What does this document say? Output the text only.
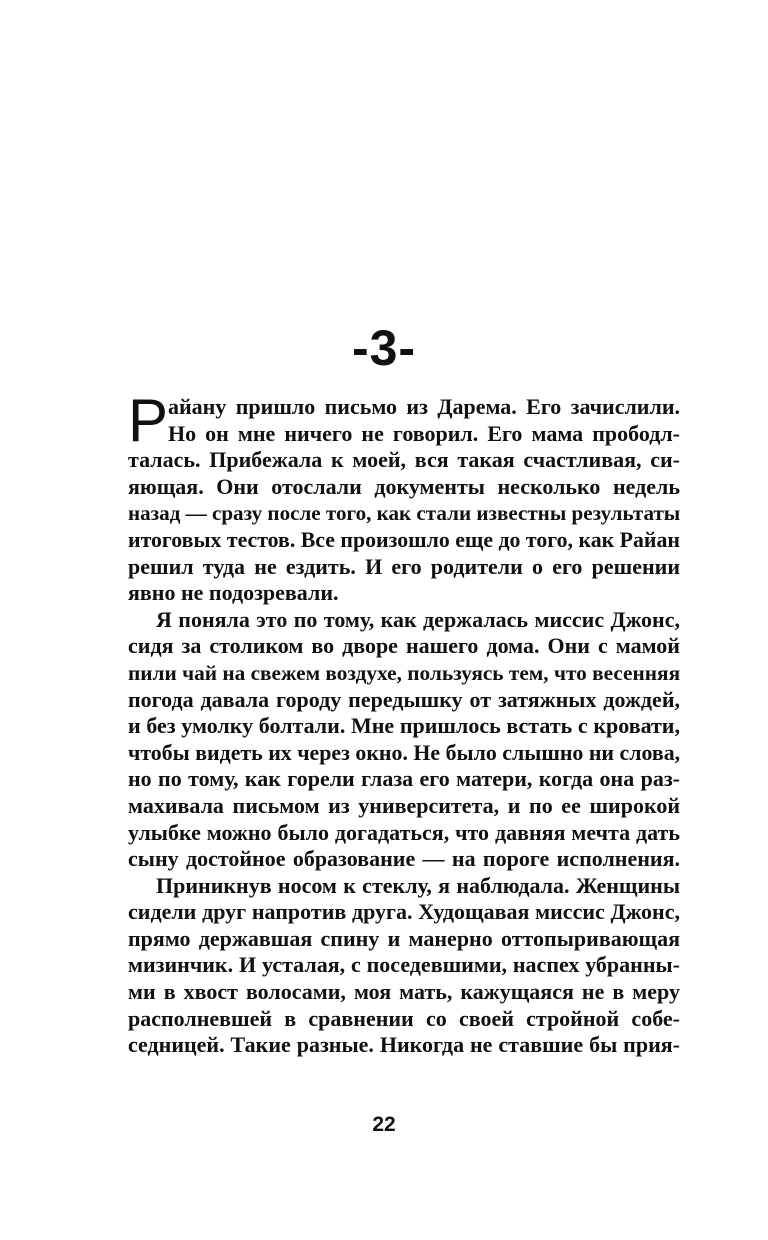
-3-
Р айану пришло письмо из Дарема. Его зачислили.
Но он мне ничего не говорил. Его мама прободл-
талась. Прибежала к моей, вся такая счастливая, си-
яющая. Они отослали документы несколько недель
назад — сразу после того, как стали известны результаты
итоговых тестов. Все произошло еще до того, как Райан
решил туда не ездить. И его родители о его решении
явно не подозревали.
Я поняла это по тому, как держалась миссис Джонс,
сидя за столиком во дворе нашего дома. Они с мамой
пили чай на свежем воздухе, пользуясь тем, что весенняя
погода давала городу передышку от затяжных дождей,
и без умолку болтали. Мне пришлось встать с кровати,
чтобы видеть их через окно. Не было слышно ни слова,
но по тому, как горели глаза его матери, когда она раз-
махивала письмом из университета, и по ее широкой
улыбке можно было догадаться, что давняя мечта дать
сыну достойное образование — на пороге исполнения.
Приникнув носом к стеклу, я наблюдала. Женщины
сидели друг напротив друга. Худощавая миссис Джонс,
прямо державшая спину и манерно оттопыривающая
мизинчик. И усталая, с поседевшими, наспех убранны-
ми в хвост волосами, моя мать, кажущаяся не в меру
располневшей в сравнении со своей стройной собе-
седницей. Такие разные. Никогда не ставшие бы прия-
22
